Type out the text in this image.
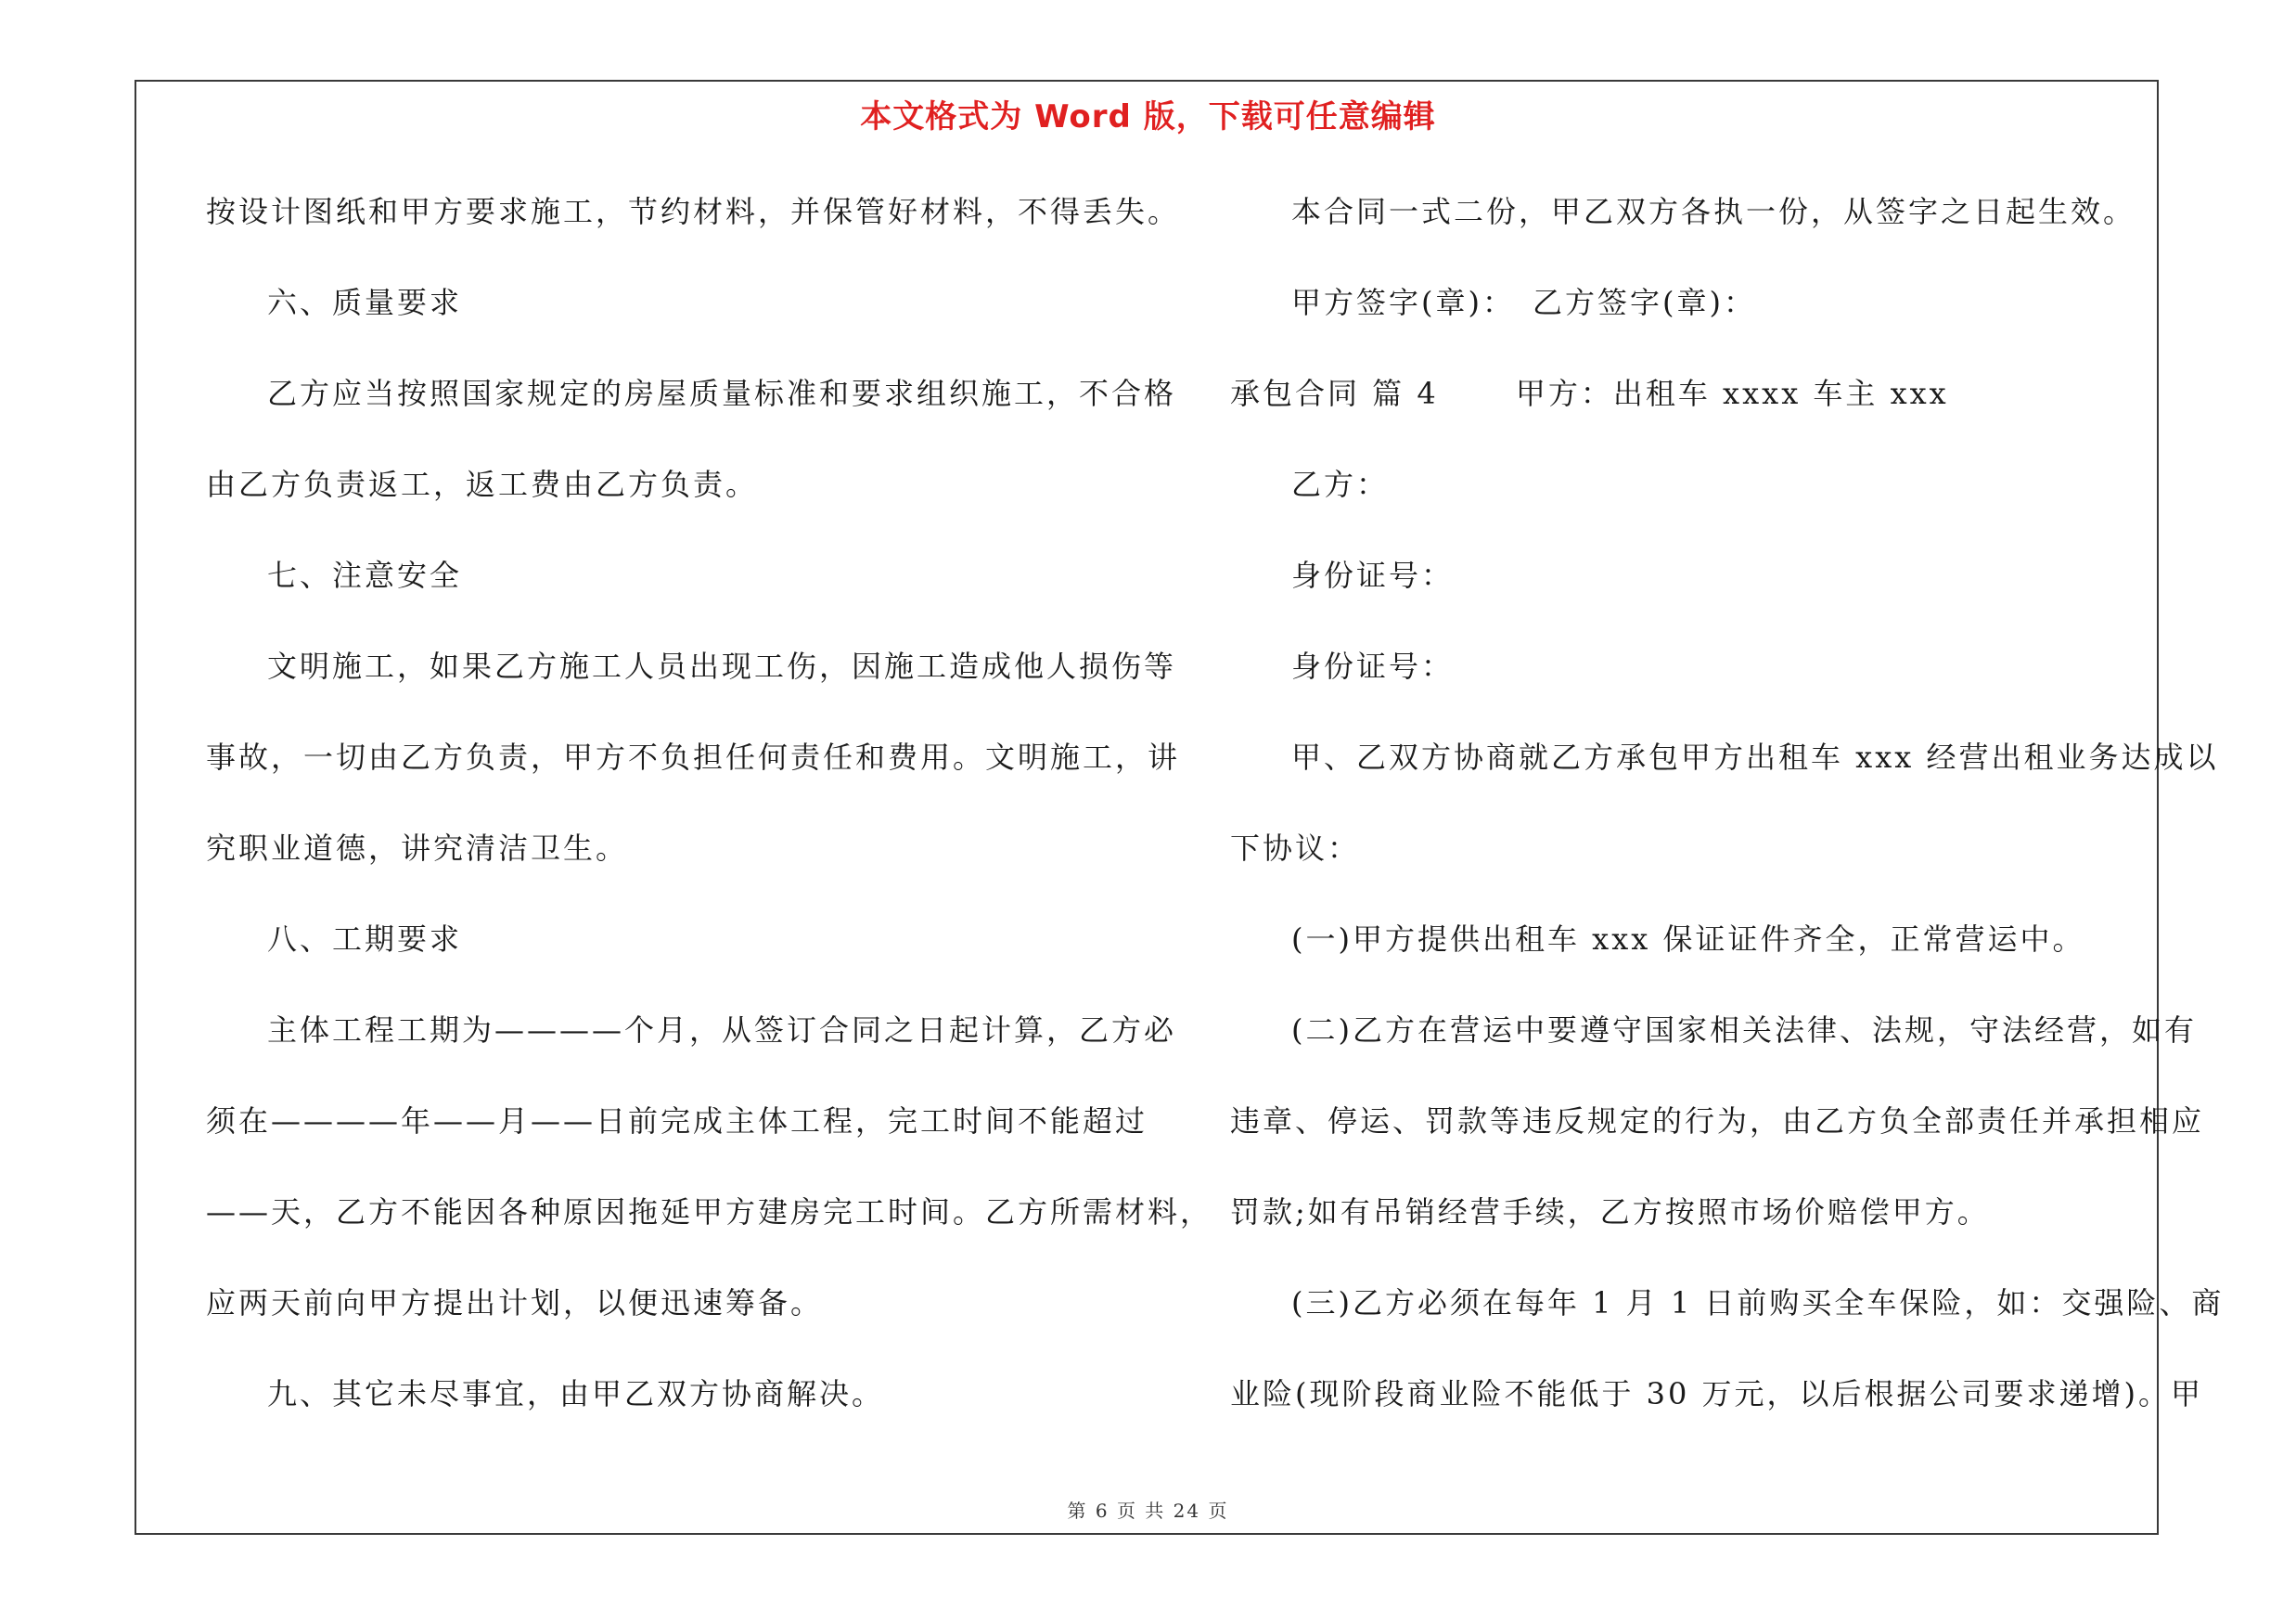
本文格式为 Word 版，下载可任意编辑
按设计图纸和甲方要求施工，节约材料，并保管好材料，不得丢失。
六、质量要求
乙方应当按照国家规定的房屋质量标准和要求组织施工，不合格
由乙方负责返工，返工费由乙方负责。
七、注意安全
文明施工，如果乙方施工人员出现工伤，因施工造成他人损伤等
事故，一切由乙方负责，甲方不负担任何责任和费用。文明施工，讲
究职业道德，讲究清洁卫生。
八、工期要求
主体工程工期为————个月，从签订合同之日起计算，乙方必
须在————年——月——日前完成主体工程，完工时间不能超过
——天，乙方不能因各种原因拖延甲方建房完工时间。乙方所需材料，
应两天前向甲方提出计划，以便迅速筹备。
九、其它未尽事宜，由甲乙双方协商解决。
本合同一式二份，甲乙双方各执一份，从签字之日起生效。
甲方签字(章)：　乙方签字(章)：
承包合同 篇 4　　 甲方：出租车 xxxx 车主 xxx
乙方：
身份证号：
身份证号：
甲、乙双方协商就乙方承包甲方出租车 xxx 经营出租业务达成以
下协议：
(一)甲方提供出租车 xxx 保证证件齐全，正常营运中。
(二)乙方在营运中要遵守国家相关法律、法规，守法经营，如有
违章、停运、罚款等违反规定的行为，由乙方负全部责任并承担相应
罚款;如有吊销经营手续，乙方按照市场价赔偿甲方。
(三)乙方必须在每年 1 月 1 日前购买全车保险，如：交强险、商
业险(现阶段商业险不能低于 30 万元，以后根据公司要求递增)。甲
第 6 页 共 24 页
